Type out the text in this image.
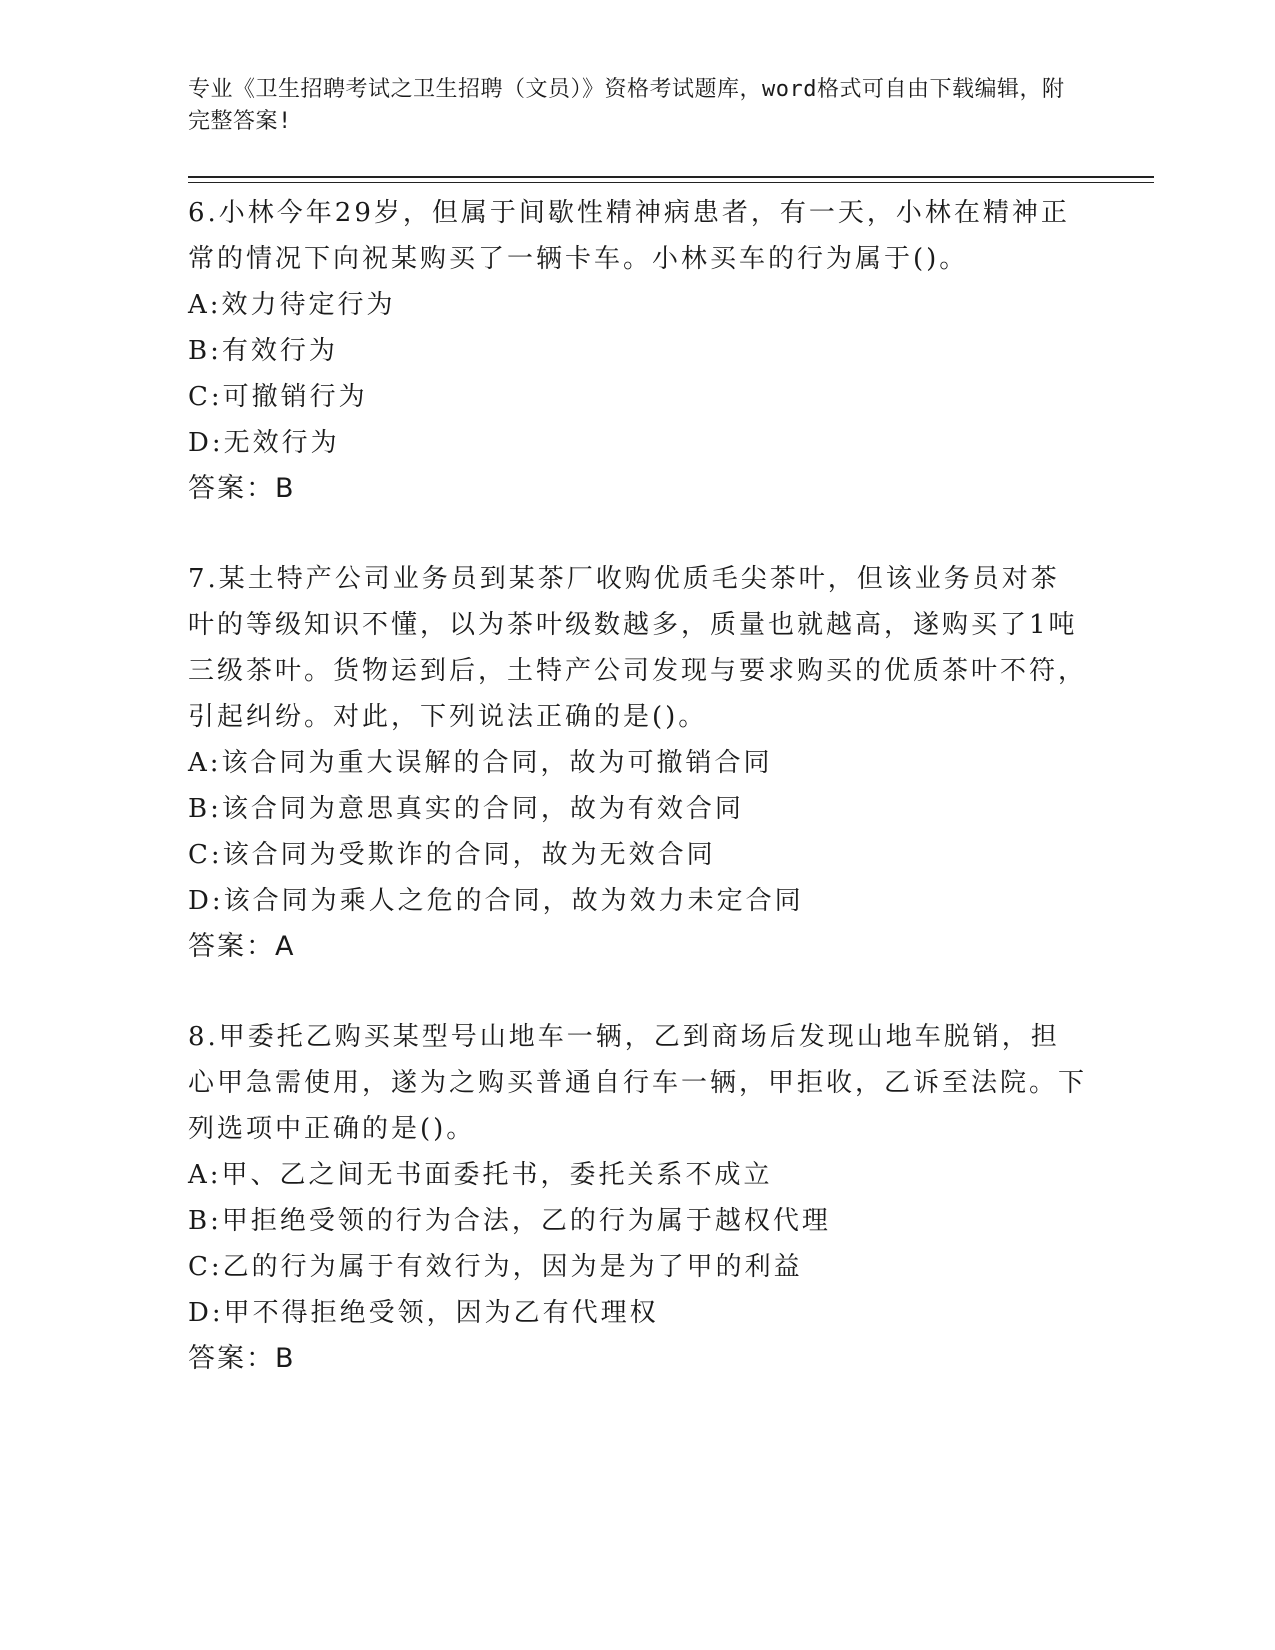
专业《卫生招聘考试之卫生招聘（文员）》资格考试题库，word格式可自由下载编辑，附完整答案!

6.小林今年29岁，但属于间歇性精神病患者，有一天，小林在精神正常的情况下向祝某购买了一辆卡车。小林买车的行为属于()。

A:效力待定行为

B:有效行为

C:可撤销行为

D:无效行为

答案：B

7.某土特产公司业务员到某茶厂收购优质毛尖茶叶，但该业务员对茶叶的等级知识不懂，以为茶叶级数越多，质量也就越高，遂购买了1吨三级茶叶。货物运到后，土特产公司发现与要求购买的优质茶叶不符，引起纠纷。对此，下列说法正确的是()。

A:该合同为重大误解的合同，故为可撤销合同

B:该合同为意思真实的合同，故为有效合同

C:该合同为受欺诈的合同，故为无效合同

D:该合同为乘人之危的合同，故为效力未定合同

答案：A

8.甲委托乙购买某型号山地车一辆，乙到商场后发现山地车脱销，担心甲急需使用，遂为之购买普通自行车一辆，甲拒收，乙诉至法院。下列选项中正确的是()。

A:甲、乙之间无书面委托书，委托关系不成立

B:甲拒绝受领的行为合法，乙的行为属于越权代理

C:乙的行为属于有效行为，因为是为了甲的利益

D:甲不得拒绝受领，因为乙有代理权

答案：B
